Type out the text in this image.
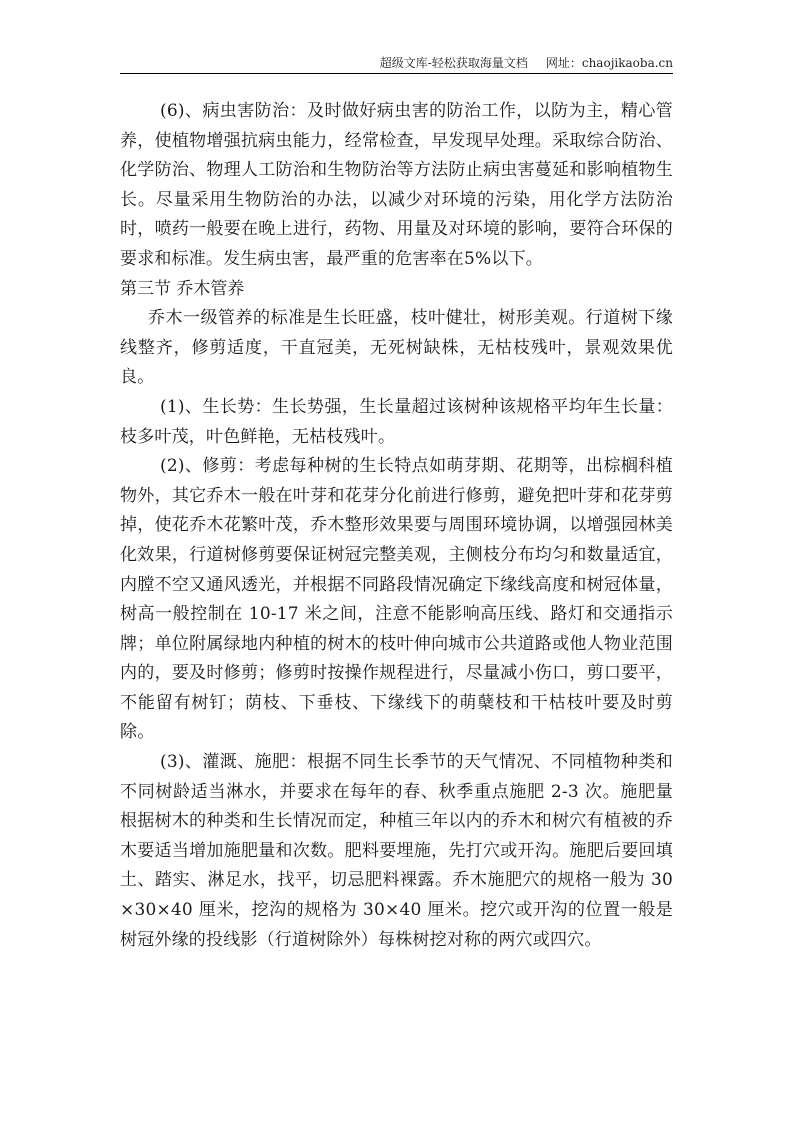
超级文库-轻松获取海量文档 网址：chaojikaoba.cn

(6)、病虫害防治：及时做好病虫害的防治工作，以防为主，精心管养，使植物增强抗病虫能力，经常检查，早发现早处理。采取综合防治、化学防治、物理人工防治和生物防治等方法防止病虫害蔓延和影响植物生长。尽量采用生物防治的办法，以减少对环境的污染，用化学方法防治时，喷药一般要在晚上进行，药物、用量及对环境的影响，要符合环保的要求和标准。发生病虫害，最严重的危害率在5%以下。

第三节 乔木管养

乔木一级管养的标准是生长旺盛，枝叶健壮，树形美观。行道树下缘线整齐，修剪适度，干直冠美，无死树缺株，无枯枝残叶，景观效果优良。

(1)、生长势：生长势强，生长量超过该树种该规格平均年生长量：枝多叶茂，叶色鲜艳，无枯枝残叶。

(2)、修剪：考虑每种树的生长特点如萌芽期、花期等，出棕榈科植物外，其它乔木一般在叶芽和花芽分化前进行修剪，避免把叶芽和花芽剪掉，使花乔木花繁叶茂，乔木整形效果要与周围环境协调，以增强园林美化效果，行道树修剪要保证树冠完整美观，主侧枝分布均匀和数量适宜，内膛不空又通风透光，并根据不同路段情况确定下缘线高度和树冠体量，树高一般控制在 10-17 米之间，注意不能影响高压线、路灯和交通指示牌；单位附属绿地内种植的树木的枝叶伸向城市公共道路或他人物业范围内的，要及时修剪；修剪时按操作规程进行，尽量减小伤口，剪口要平，不能留有树钉；荫枝、下垂枝、下缘线下的萌蘖枝和干枯枝叶要及时剪除。

(3)、灌溉、施肥：根据不同生长季节的天气情况、不同植物种类和不同树龄适当淋水，并要求在每年的春、秋季重点施肥 2-3 次。施肥量根据树木的种类和生长情况而定，种植三年以内的乔木和树穴有植被的乔木要适当增加施肥量和次数。肥料要埋施，先打穴或开沟。施肥后要回填土、踏实、淋足水，找平，切忌肥料裸露。乔木施肥穴的规格一般为 30×30×40 厘米，挖沟的规格为 30×40 厘米。挖穴或开沟的位置一般是树冠外缘的投线影（行道树除外）每株树挖对称的两穴或四穴。
